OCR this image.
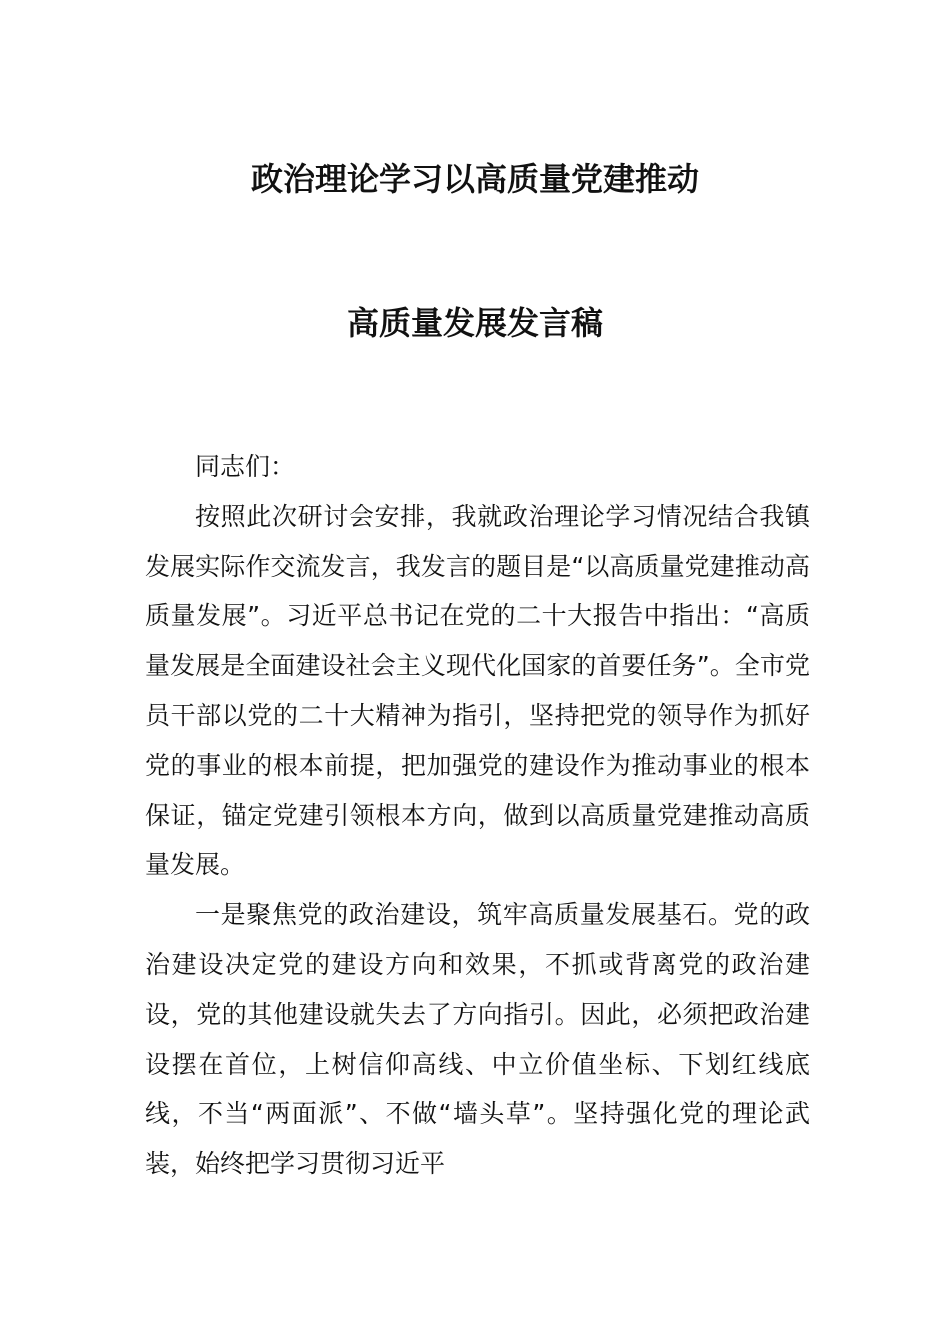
政治理论学习以高质量党建推动
高质量发展发言稿

同志们：

按照此次研讨会安排，我就政治理论学习情况结合我镇发展实际作交流发言，我发言的题目是“以高质量党建推动高质量发展”。习近平总书记在党的二十大报告中指出：“高质量发展是全面建设社会主义现代化国家的首要任务”。全市党员干部以党的二十大精神为指引，坚持把党的领导作为抓好党的事业的根本前提，把加强党的建设作为推动事业的根本保证，锚定党建引领根本方向，做到以高质量党建推动高质量发展。

一是聚焦党的政治建设，筑牢高质量发展基石。党的政治建设决定党的建设方向和效果，不抓或背离党的政治建设，党的其他建设就失去了方向指引。因此，必须把政治建设摆在首位，上树信仰高线、中立价值坐标、下划红线底线，不当“两面派”、不做“墙头草”。坚持强化党的理论武装，始终把学习贯彻习近平
